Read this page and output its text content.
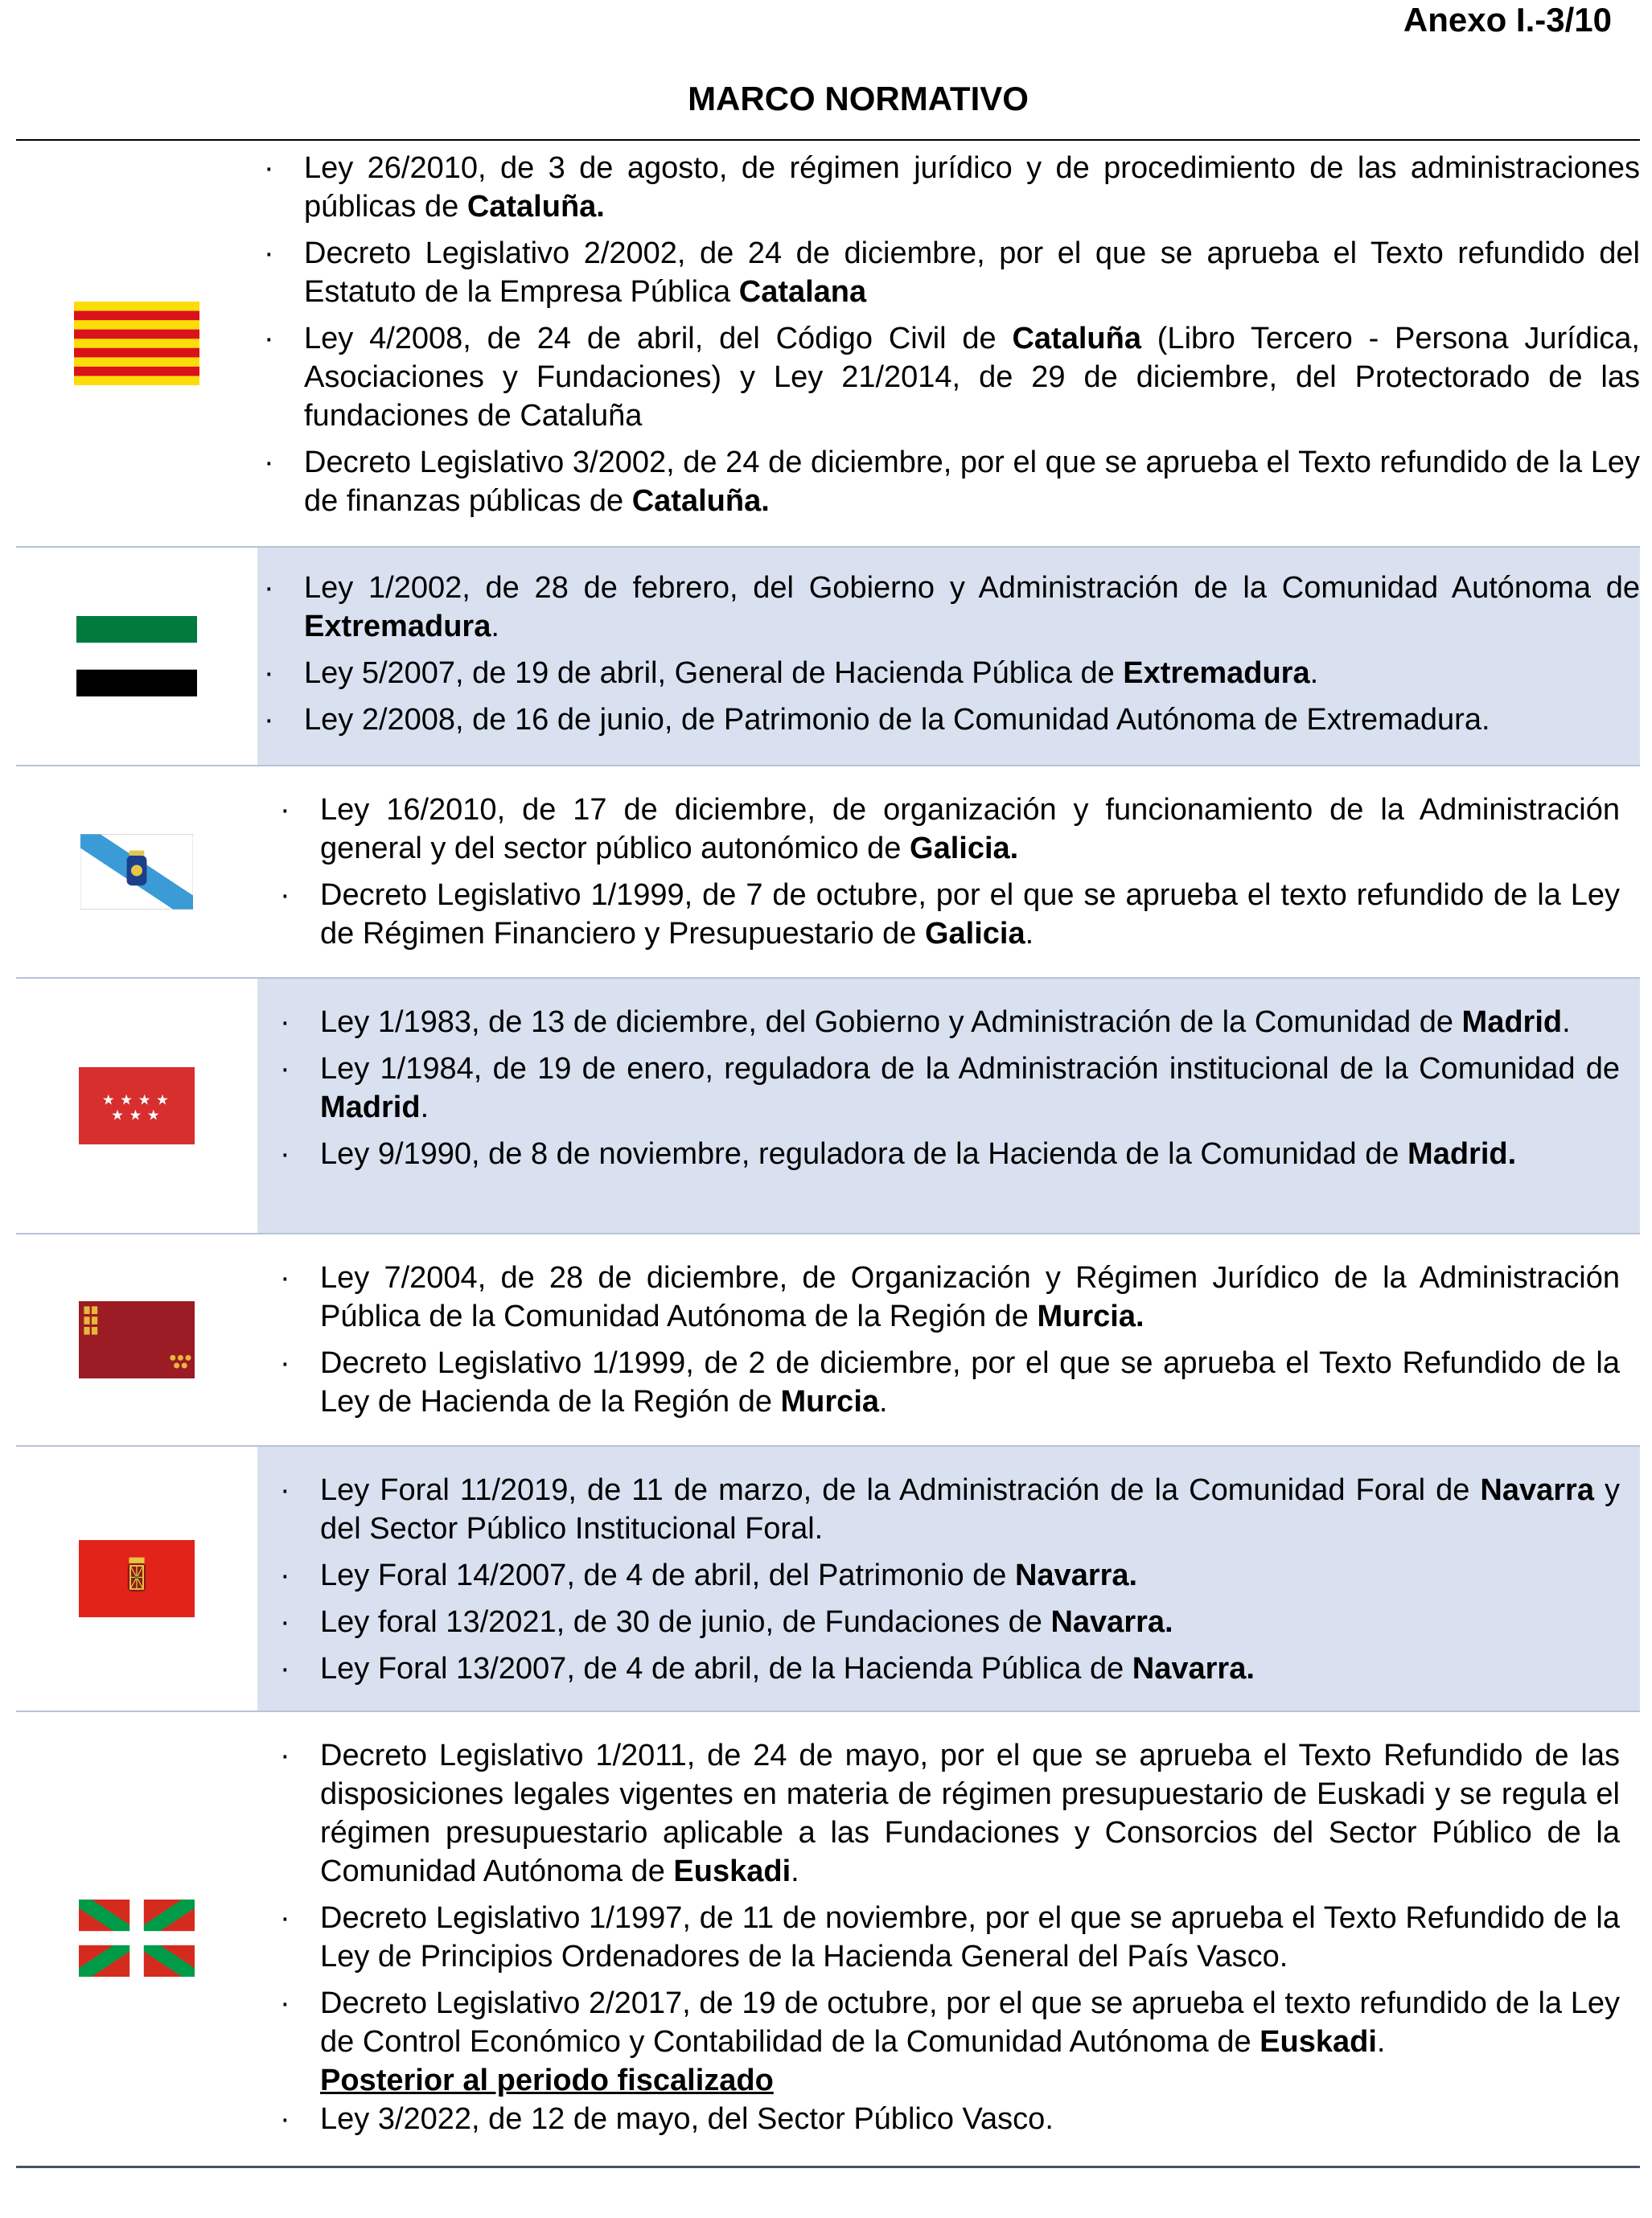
Anexo I.-3/10
MARCO NORMATIVO
· Ley 26/2010, de 3 de agosto, de régimen jurídico y de procedimiento de las administraciones públicas de Cataluña.
· Decreto Legislativo 2/2002, de 24 de diciembre, por el que se aprueba el Texto refundido del Estatuto de la Empresa Pública Catalana
· Ley 4/2008, de 24 de abril, del Código Civil de Cataluña (Libro Tercero - Persona Jurídica, Asociaciones y Fundaciones) y Ley 21/2014, de 29 de diciembre, del Protectorado de las fundaciones de Cataluña
· Decreto Legislativo 3/2002, de 24 de diciembre, por el que se aprueba el Texto refundido de la Ley de finanzas públicas de Cataluña.
· Ley 1/2002, de 28 de febrero, del Gobierno y Administración de la Comunidad Autónoma de Extremadura.
· Ley 5/2007, de 19 de abril, General de Hacienda Pública de Extremadura.
· Ley 2/2008, de 16 de junio, de Patrimonio de la Comunidad Autónoma de Extremadura.
· Ley 16/2010, de 17 de diciembre, de organización y funcionamiento de la Administración general y del sector público autonómico de Galicia.
· Decreto Legislativo 1/1999, de 7 de octubre, por el que se aprueba el texto refundido de la Ley de Régimen Financiero y Presupuestario de Galicia.
★	★	★	★
★	★	★
· Ley 1/1983, de 13 de diciembre, del Gobierno y Administración de la Comunidad de Madrid.
· Ley 1/1984, de 19 de enero, reguladora de la Administración institucional de la Comunidad de Madrid.
· Ley 9/1990, de 8 de noviembre, reguladora de la Hacienda de la Comunidad de Madrid.
· Ley 7/2004, de 28 de diciembre, de Organización y Régimen Jurídico de la Administración Pública de la Comunidad Autónoma de la Región de Murcia.
· Decreto Legislativo 1/1999, de 2 de diciembre, por el que se aprueba el Texto Refundido de la Ley de Hacienda de la Región de Murcia.
· Ley Foral 11/2019, de 11 de marzo, de la Administración de la Comunidad Foral de Navarra y del Sector Público Institucional Foral.
· Ley Foral 14/2007, de 4 de abril, del Patrimonio de Navarra.
· Ley foral 13/2021, de 30 de junio, de Fundaciones de Navarra.
· Ley Foral 13/2007, de 4 de abril, de la Hacienda Pública de Navarra.
· Decreto Legislativo 1/2011, de 24 de mayo, por el que se aprueba el Texto Refundido de las disposiciones legales vigentes en materia de régimen presupuestario de Euskadi y se regula el régimen presupuestario aplicable a las Fundaciones y Consorcios del Sector Público de la Comunidad Autónoma de Euskadi.
· Decreto Legislativo 1/1997, de 11 de noviembre, por el que se aprueba el Texto Refundido de la Ley de Principios Ordenadores de la Hacienda General del País Vasco.
· Decreto Legislativo 2/2017, de 19 de octubre, por el que se aprueba el texto refundido de la Ley de Control Económico y Contabilidad de la Comunidad Autónoma de Euskadi.
Posterior al periodo fiscalizado
· Ley 3/2022, de 12 de mayo, del Sector Público Vasco.
